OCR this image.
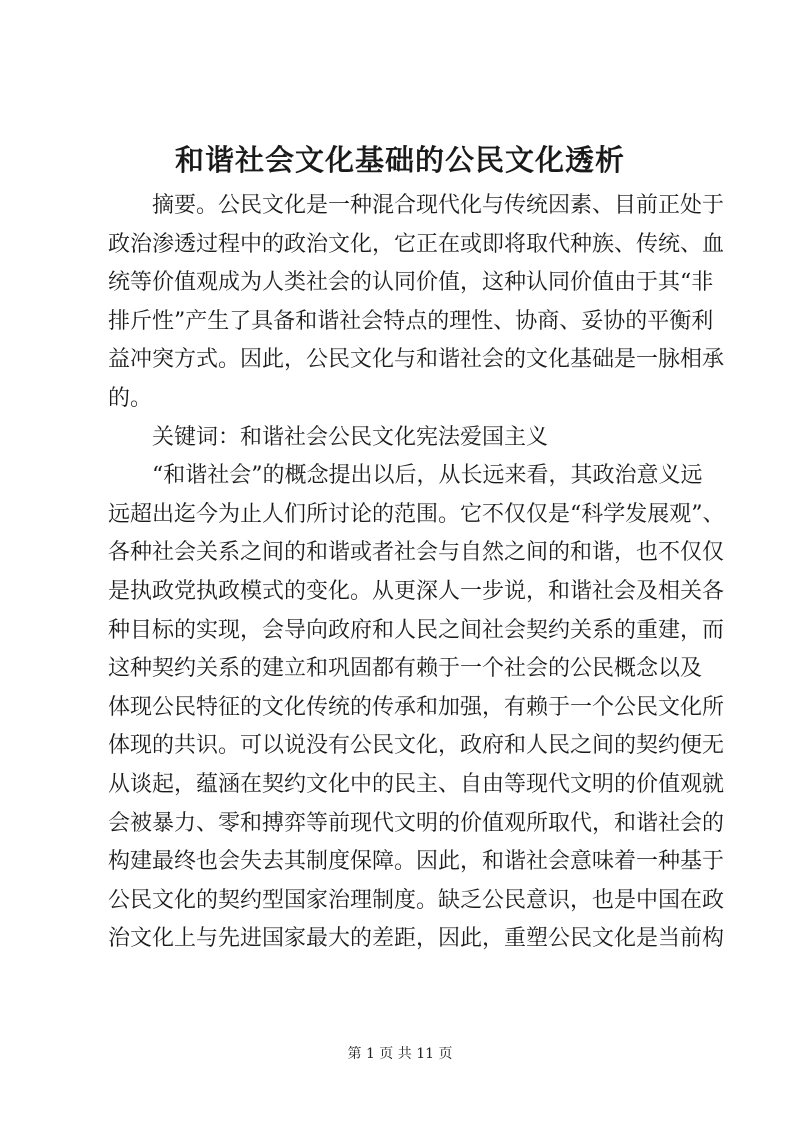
和谐社会文化基础的公民文化透析
摘要。公民文化是一种混合现代化与传统因素、目前正处于
政治渗透过程中的政治文化，它正在或即将取代种族、传统、血
统等价值观成为人类社会的认同价值，这种认同价值由于其“非
排斤性”产生了具备和谐社会特点的理性、协商、妥协的平衡利
益冲突方式。因此，公民文化与和谐社会的文化基础是一脉相承
的。
关键词：和谐社会公民文化宪法爱国主义
“和谐社会”的概念提出以后，从长远来看，其政治意义远
远超出迄今为止人们所讨论的范围。它不仅仅是“科学发展观”、
各种社会关系之间的和谐或者社会与自然之间的和谐，也不仅仅
是执政党执政模式的变化。从更深人一步说，和谐社会及相关各
种目标的实现，会导向政府和人民之间社会契约关系的重建，而
这种契约关系的建立和巩固都有赖于一个社会的公民概念以及
体现公民特征的文化传统的传承和加强，有赖于一个公民文化所
体现的共识。可以说没有公民文化，政府和人民之间的契约便无
从谈起，蕴涵在契约文化中的民主、自由等现代文明的价值观就
会被暴力、零和搏弈等前现代文明的价值观所取代，和谐社会的
构建最终也会失去其制度保障。因此，和谐社会意味着一种基于
公民文化的契约型国家治理制度。缺乏公民意识，也是中国在政
治文化上与先进国家最大的差距，因此，重塑公民文化是当前构
第 1 页 共 11 页
